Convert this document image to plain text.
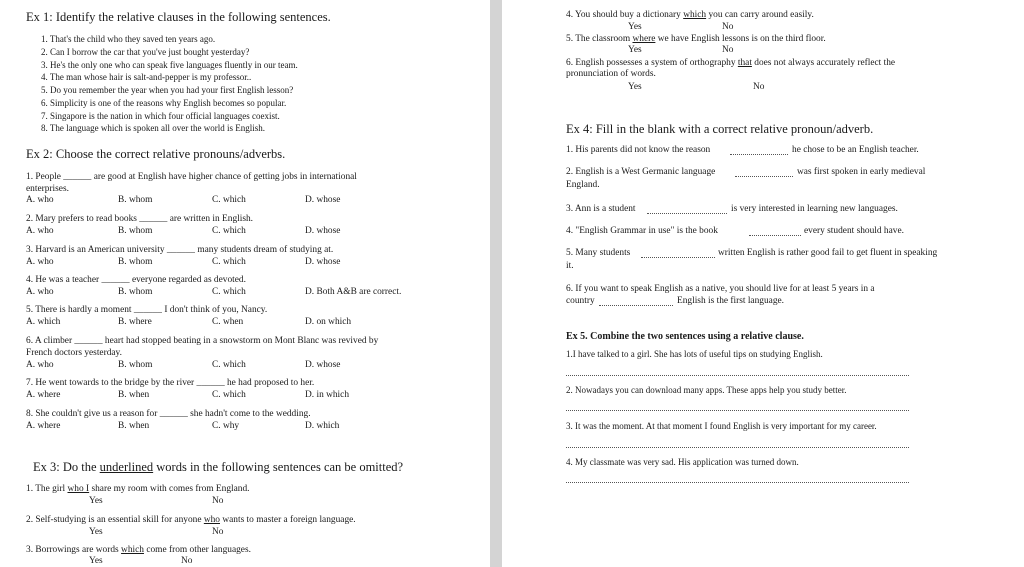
Ex 1: Identify the relative clauses in the following sentences.
1. That's the child who they saved ten years ago.
2. Can I borrow the car that you've just bought yesterday?
3. He's the only one who can speak five languages fluently in our team.
4. The man whose hair is salt-and-pepper is my professor..
5. Do you remember the year when you had your first English lesson?
6. Simplicity is one of the reasons why English becomes so popular.
7. Singapore is the nation in which four official languages coexist.
8. The language which is spoken all over the world is English.
Ex 2: Choose the correct relative pronouns/adverbs.
1. People ______ are good at English have higher chance of getting jobs in international
enterprises.
A. who	B. whom	C. which	D. whose
2. Mary prefers to read books ______ are written in English.
A. who	B. whom	C. which	D. whose
3. Harvard is an American university ______ many students dream of studying at.
A. who	B. whom	C. which	D. whose
4. He was a teacher ______ everyone regarded as devoted.
A. who	B. whom	C. which	D. Both A&B are correct.
5. There is hardly a moment ______ I don't think of you, Nancy.
A. which	B. where	C. when	D. on which
6. A climber ______ heart had stopped beating in a snowstorm on Mont Blanc was revived by
French doctors yesterday.
A. who	B. whom	C. which	D. whose
7. He went towards to the bridge by the river ______ he had proposed to her.
A. where	B. when	C. which	D. in which
8. She couldn't give us a reason for ______ she hadn't come to the wedding.
A. where	B. when	C. why	D. which
Ex 3: Do the underlined words in the following sentences can be omitted?
1. The girl who I share my room with comes from England.
Yes	No
2. Self-studying is an essential skill for anyone who wants to master a foreign language.
Yes	No
3. Borrowings are words which come from other languages.
Yes	No
4. You should buy a dictionary which you can carry around easily.
Yes	No
5. The classroom where we have English lessons is on the third floor.
Yes	No
6. English possesses a system of orthography that does not always accurately reflect the
pronunciation of words.
Yes	No
Ex 4: Fill in the blank with a correct relative pronoun/adverb.
1. His parents did not know the reason	he chose to be an English teacher.
2. English is a West Germanic language	was first spoken in early medieval
England.
3. Ann is a student	is very interested in learning new languages.
4. "English Grammar in use" is the book	every student should have.
5. Many students	written English is rather good fail to get fluent in speaking
it.
6. If you want to speak English as a native, you should live for at least 5 years in a
country	English is the first language.
Ex 5. Combine the two sentences using a relative clause.
1.I have talked to a girl. She has lots of useful tips on studying English.
2. Nowadays you can download many apps. These apps help you study better.
3. It was the moment. At that moment I found English is very important for my career.
4. My classmate was very sad. His application was turned down.
